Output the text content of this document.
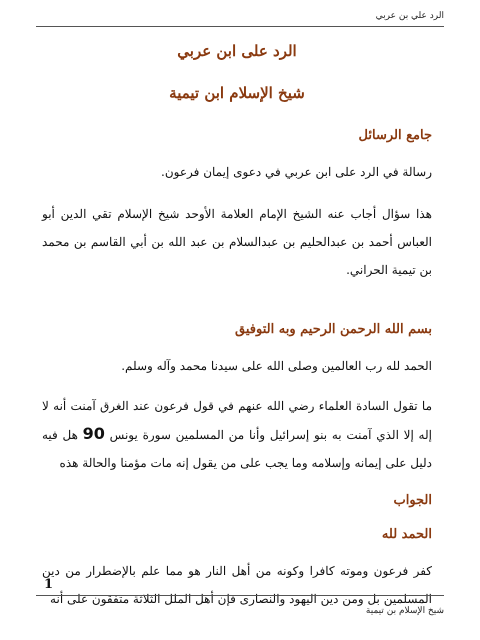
الرد علي بن عربي

الرد على ابن عربي

شيخ الإسلام ابن تيمية

جامع الرسائل

رسالة في الرد على ابن عربي في دعوى إيمان فرعون.

هذا سؤال أجاب عنه الشيخ الإمام العلامة الأوحد شيخ الإسلام تقي الدين أبو العباس أحمد بن عبدالحليم بن عبدالسلام بن عبد الله بن أبي القاسم بن محمد بن تيمية الحراني.

بسم الله الرحمن الرحيم وبه التوفيق

الحمد لله رب العالمين وصلى الله على سيدنا محمد وآله وسلم.

ما تقول السادة العلماء رضي الله عنهم في قول فرعون عند الغرق آمنت أنه لا إله إلا الذي آمنت به بنو إسرائيل وأنا من المسلمين سورة يونس 90 هل فيه دليل على إيمانه وإسلامه وما يجب على من يقول إنه مات مؤمنا والحالة هذه

الجواب

الحمد لله

كفر فرعون وموته كافرا وكونه من أهل النار هو مما علم بالإضطرار من دين المسلمين بل ومن دين اليهود والنصارى فإن أهل الملل الثلاثة متفقون على أنه

1
شيخ الإسلام بن تيمية
